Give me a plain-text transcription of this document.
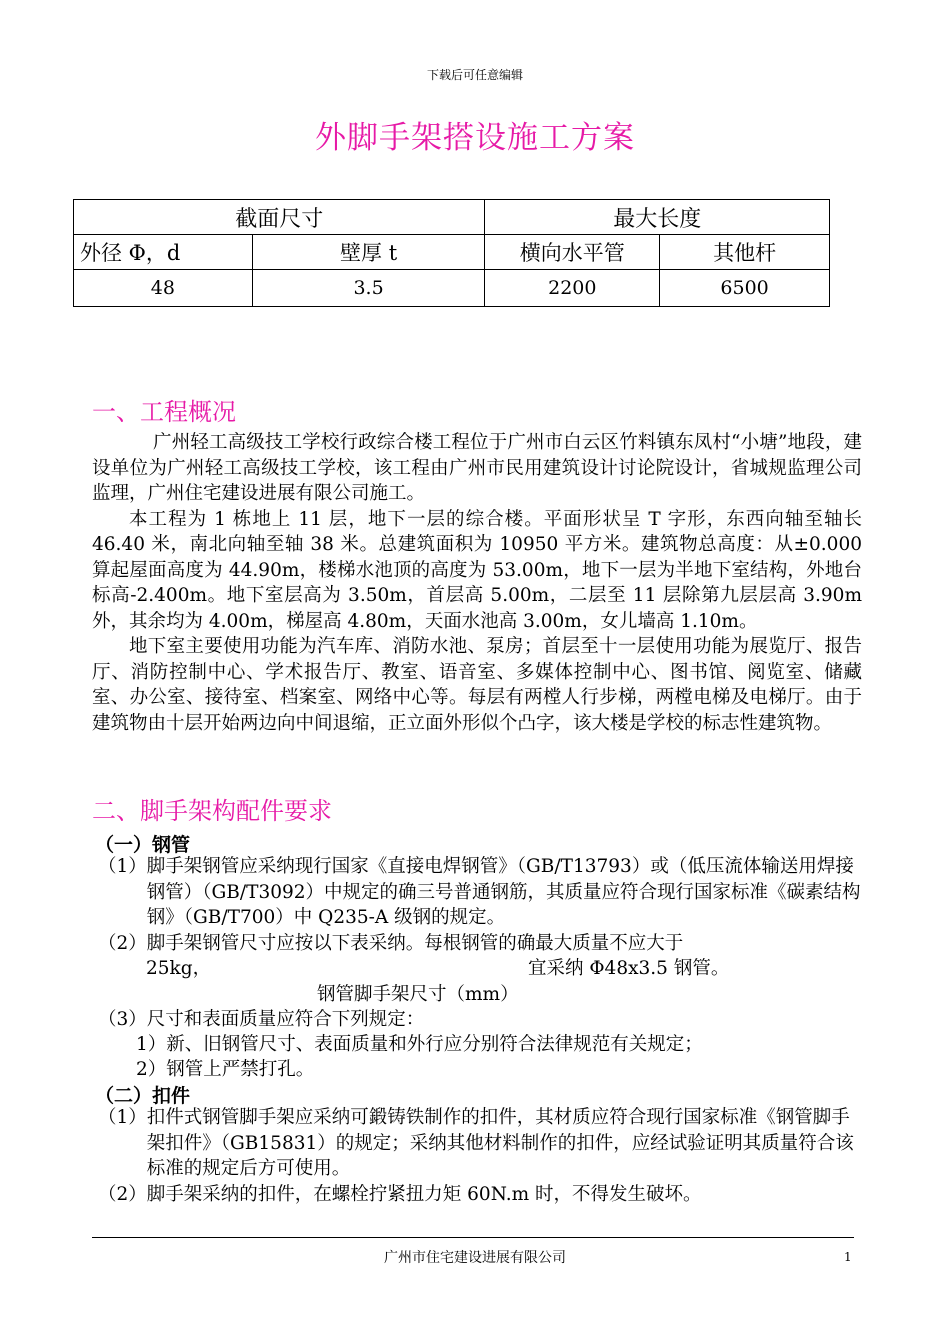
下载后可任意编辑
外脚手架搭设施工方案
截面尺寸		最大长度	
外径 Φ，d	壁厚 t	横向水平管	其他杆
48	3.5	2200	6500
一、工程概况

广州轻工高级技工学校行政综合楼工程位于广州市白云区竹料镇东凤村“小塘”地段，建设单位为广州轻工高级技工学校，该工程由广州市民用建筑设计讨论院设计，省城规监理公司监理，广州住宅建设进展有限公司施工。

本工程为 1 栋地上 11 层，地下一层的综合楼。平面形状呈 T 字形，东西向轴至轴长 46.40 米，南北向轴至轴 38 米。总建筑面积为 10950 平方米。建筑物总高度：从±0.000 算起屋面高度为 44.90m，楼梯水池顶的高度为 53.00m，地下一层为半地下室结构，外地台标高-2.400m。地下室层高为 3.50m，首层高 5.00m，二层至 11 层除第九层层高 3.90m 外，其余均为 4.00m，梯屋高 4.80m，天面水池高 3.00m，女儿墙高 1.10m。

地下室主要使用功能为汽车库、消防水池、泵房；首层至十一层使用功能为展览厅、报告厅、消防控制中心、学术报告厅、教室、语音室、多媒体控制中心、图书馆、阅览室、储藏室、办公室、接待室、档案室、网络中心等。每层有两樘人行步梯，两樘电梯及电梯厅。由于建筑物由十层开始两边向中间退缩，正立面外形似个凸字，该大楼是学校的标志性建筑物。

二、脚手架构配件要求
（一）钢管
（1） 脚手架钢管应采纳现行国家《直接电焊钢管》（GB/T13793）或（低压流体输送用焊接钢管）（GB/T3092）中规定的确三号普通钢筋，其质量应符合现行国家标准《碳素结构钢》（GB/T700）中 Q235-A 级钢的规定。
（2） 脚手架钢管尺寸应按以下表采纳。每根钢管的确最大质量不应大于
25kg，	宜采纳 Φ48x3.5 钢管。
钢管脚手架尺寸（mm）
（3） 尺寸和表面质量应符合下列规定：
1）新、旧钢管尺寸、表面质量和外行应分别符合法律规范有关规定；
2）钢管上严禁打孔。
（二）扣件
（1） 扣件式钢管脚手架应采纳可鍛铸铁制作的扣件，其材质应符合现行国家标准《钢管脚手架扣件》（GB15831）的规定；采纳其他材料制作的扣件，应经试验证明其质量符合该标准的规定后方可使用。
（2） 脚手架采纳的扣件，在螺栓拧紧扭力矩 60N.m 时，不得发生破坏。
广州市住宅建设进展有限公司	1
